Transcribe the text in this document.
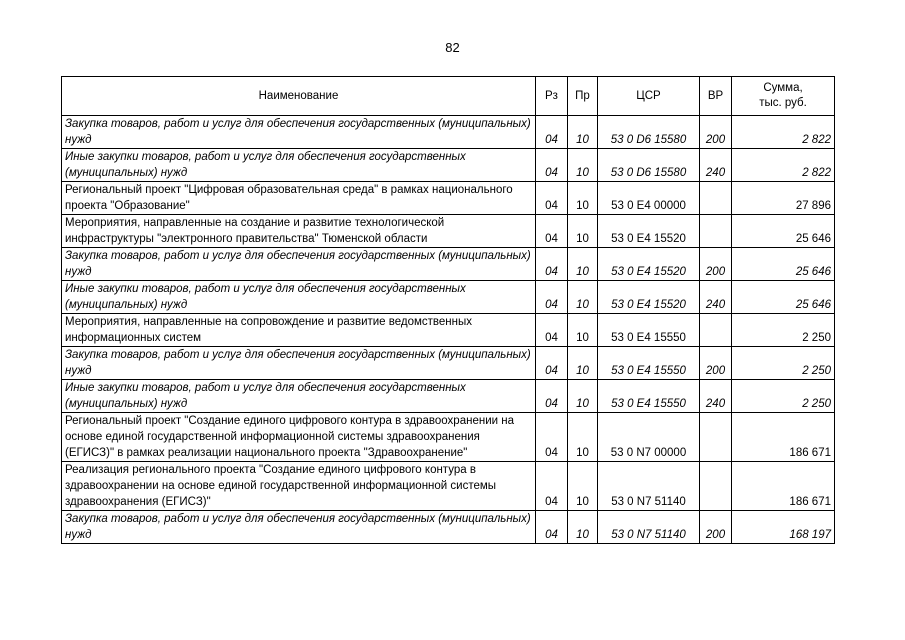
82
Наименование	Рз	Пр	ЦСР	ВР	Сумма,
тыс. руб.

Закупка товаров, работ и услуг для обеспечения государственных (муниципальных) нужд	04	10	53 0 D6 15580	200	2 822
Иные закупки товаров, работ и услуг для обеспечения государственных (муниципальных) нужд	04	10	53 0 D6 15580	240	2 822
Региональный проект "Цифровая образовательная среда" в рамках национального проекта "Образование"	04	10	53 0 E4 00000		27 896
Мероприятия, направленные на создание и развитие технологической инфраструктуры "электронного правительства" Тюменской области	04	10	53 0 E4 15520		25 646
Закупка товаров, работ и услуг для обеспечения государственных (муниципальных) нужд	04	10	53 0 E4 15520	200	25 646
Иные закупки товаров, работ и услуг для обеспечения государственных (муниципальных) нужд	04	10	53 0 E4 15520	240	25 646
Мероприятия, направленные на сопровождение и развитие ведомственных информационных систем	04	10	53 0 E4 15550		2 250
Закупка товаров, работ и услуг для обеспечения государственных (муниципальных) нужд	04	10	53 0 E4 15550	200	2 250
Иные закупки товаров, работ и услуг для обеспечения государственных (муниципальных) нужд	04	10	53 0 E4 15550	240	2 250
Региональный проект "Создание единого цифрового контура в здравоохранении на основе единой государственной информационной системы здравоохранения (ЕГИСЗ)" в рамках реализации национального проекта "Здравоохранение"	04	10	53 0 N7 00000		186 671
Реализация регионального проекта "Создание единого цифрового контура в здравоохранении на основе единой государственной информационной системы здравоохранения (ЕГИСЗ)"	04	10	53 0 N7 51140		186 671
Закупка товаров, работ и услуг для обеспечения государственных (муниципальных) нужд	04	10	53 0 N7 51140	200	168 197
